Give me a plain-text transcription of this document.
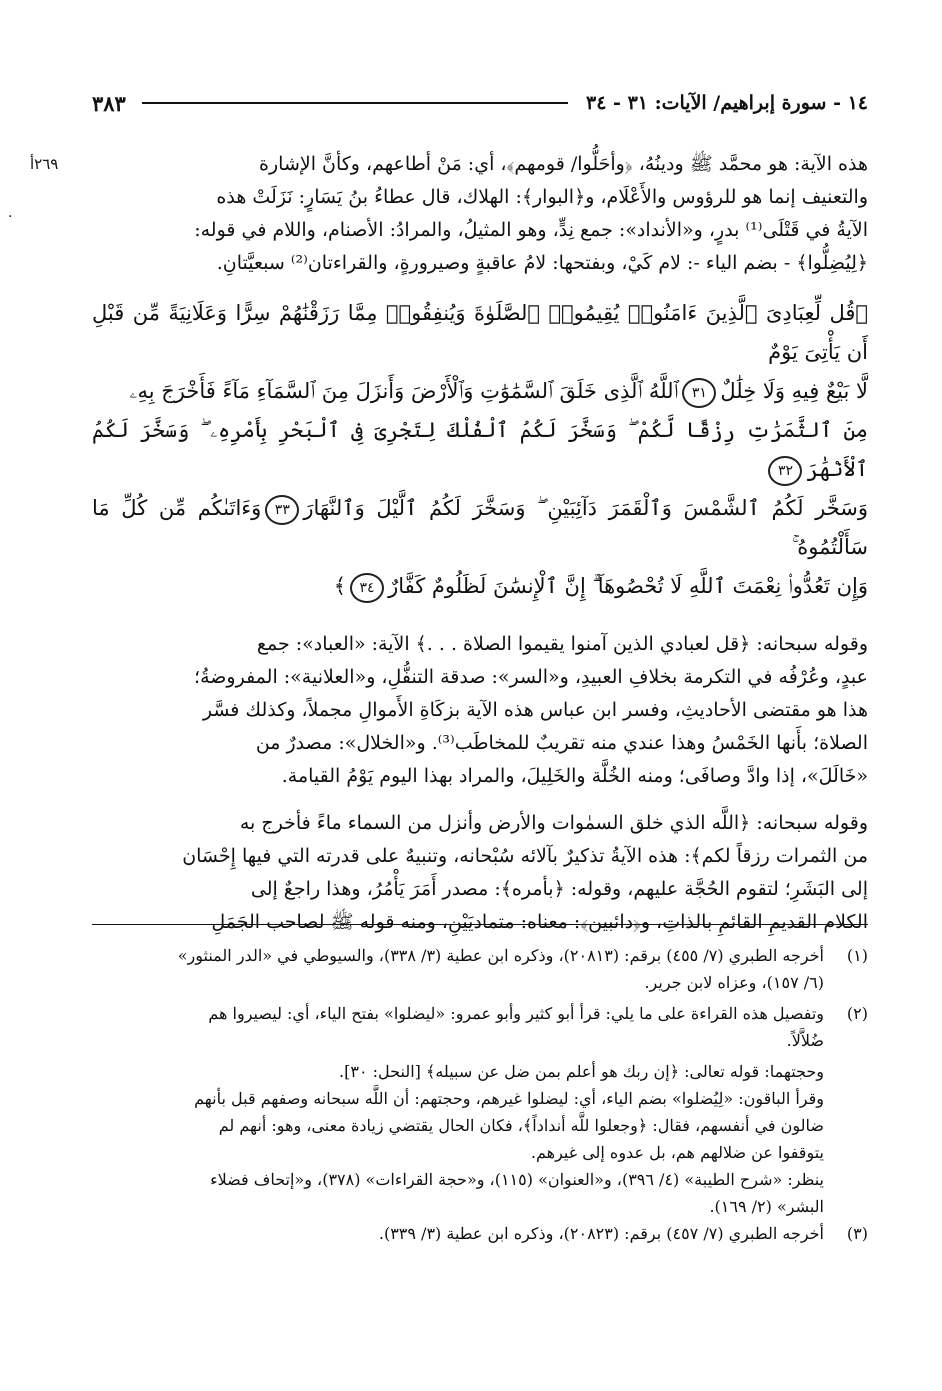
١٤ - سورة إبراهيم/ الآيات: ٣١ - ٣٤
٣٨٣
٢٦٩أ
.
هذه الآية: هو محمَّد ﷺ ودينُهُ، ﴿وأحَلُّوا/ قومهم﴾، أي: مَنْ أطاعهم، وكأنَّ الإشارة
والتعنيف إنما هو للرؤوس والأَعْلَام، و﴿البوار﴾: الهلاك، قال عطاءُ بنُ يَسَارٍ: نَزَلَتْ هذه
الآيةُ في قَتْلَى⁽¹⁾ بدرٍ، و«الأنداد»: جمع نِدٍّ، وهو المثيلُ، والمرادُ: الأصنام، واللام في قوله:
﴿لِيُضِلُّوا﴾ - بضم الياء -: لام كَيْ، وبفتحها: لامُ عاقبةٍ وصيرورةٍ، والقراءتان⁽²⁾ سبعيَّتانِ.
﴿قُل لِّعِبَادِىَ ٱلَّذِينَ ءَامَنُوا۟ يُقِيمُوا۟ ٱلصَّلَوٰةَ وَيُنفِقُوا۟ مِمَّا رَزَقْنَٰهُمْ سِرًّا وَعَلَانِيَةً مِّن قَبْلِ أَن يَأْتِىَ يَوْمٌ
لَّا بَيْعٌ فِيهِ وَلَا خِلَٰلٌ٣١ٱللَّهُ ٱلَّذِى خَلَقَ ٱلسَّمَٰوَٰتِ وَٱلْأَرْضَ وَأَنزَلَ مِنَ ٱلسَّمَآءِ مَآءً فَأَخْرَجَ بِهِۦ
مِنَ ٱلثَّمَرَٰتِ رِزْقًا لَّكُمْ ۖ وَسَخَّرَ لَكُمُ ٱلْفُلْكَ لِتَجْرِىَ فِى ٱلْبَحْرِ بِأَمْرِهِۦ ۖ وَسَخَّرَ لَكُمُ ٱلْأَنْهَٰرَ٣٢
وَسَخَّر لَكُمُ ٱلشَّمْسَ وَٱلْقَمَرَ دَآئِبَيْنِ ۖ وَسَخَّرَ لَكُمُ ٱلَّيْلَ وَٱلنَّهَارَ٣٣وَءَاتَىٰكُم مِّن كُلِّ مَا سَأَلْتُمُوهُ ۚ
وَإِن تَعُدُّوا۟ نِعْمَتَ ٱللَّهِ لَا تُحْصُوهَآ ۗ إِنَّ ٱلْإِنسَٰنَ لَظَلُومٌ كَفَّارٌ٣٤﴾
وقوله سبحانه: ﴿قل لعبادي الذين آمنوا يقيموا الصلاة . . .﴾ الآية: «العباد»: جمع
عبدٍ، وعُرْفُه في التكرمة بخلافِ العبيدِ، و«السر»: صدقة التنفُّلِ، و«العلانية»: المفروضةُ؛
هذا هو مقتضى الأحاديثِ، وفسر ابن عباس هذه الآية بزكَاةِ الأَموالِ مجملاً، وكذلك فسَّر
الصلاة؛ بأَنها الخَمْسُ وهذا عندي منه تقريبٌ للمخاطَب⁽³⁾. و«الخلال»: مصدرٌ من
«خَالَلَ»، إذا وادَّ وصافَى؛ ومنه الخُلَّة والخَلِيلَ، والمراد بهذا اليوم يَوْمُ القيامة.
وقوله سبحانه: ﴿اللَّه الذي خلق السمٰوات والأرض وأنزل من السماء ماءً فأخرج به
من الثمرات رزقاً لكم﴾: هذه الآيةُ تذكيرٌ بآلائه سُبْحانه، وتنبيهٌ على قدرته التي فيها إِحْسَان
إلى البَشَرِ؛ لتقوم الحُجَّة عليهم، وقوله: ﴿بأمره﴾: مصدر أَمَرَ يَأْمُرُ، وهذا راجعٌ إلى
الكلام القديمِ القائمِ بالذاتِ، و﴿دائبين﴾: معناه: متماديَيْنِ، ومنه قوله ﷺ لصاحب الجَمَلِ
(١)
أخرجه الطبري (٧/ ٤٥٥) برقم: (٢٠٨١٣)، وذكره ابن عطية (٣/ ٣٣٨)، والسيوطي في «الدر المنثور»
(٦/ ١٥٧)، وعزاه لابن جرير.
(٢)
وتفصيل هذه القراءة على ما يلي: قرأ أبو كثير وأبو عمرو: «ليضلوا» بفتح الياء، أي: ليصيروا هم
ضُلاَّلاً.
وحجتهما: قوله تعالى: ﴿إن ربك هو أعلم بمن ضل عن سبيله﴾ [النحل: ٣٠].
وقرأ الباقون: «لِيُضلوا» بضم الياء، أي: ليضلوا غيرهم، وحجتهم: أن اللَّه سبحانه وصفهم قبل بأنهم
ضالون في أنفسهم، فقال: ﴿وجعلوا للَّه أنداداً﴾، فكان الحال يقتضي زيادة معنى، وهو: أنهم لم
يتوقفوا عن ضلالهم هم، بل عدوه إلى غيرهم.
ينظر: «شرح الطيبة» (٤/ ٣٩٦)، و«العنوان» (١١٥)، و«حجة القراءات» (٣٧٨)، و«إتحاف فضلاء
البشر» (٢/ ١٦٩).
(٣)
أخرجه الطبري (٧/ ٤٥٧) برقم: (٢٠٨٢٣)، وذكره ابن عطية (٣/ ٣٣٩).
